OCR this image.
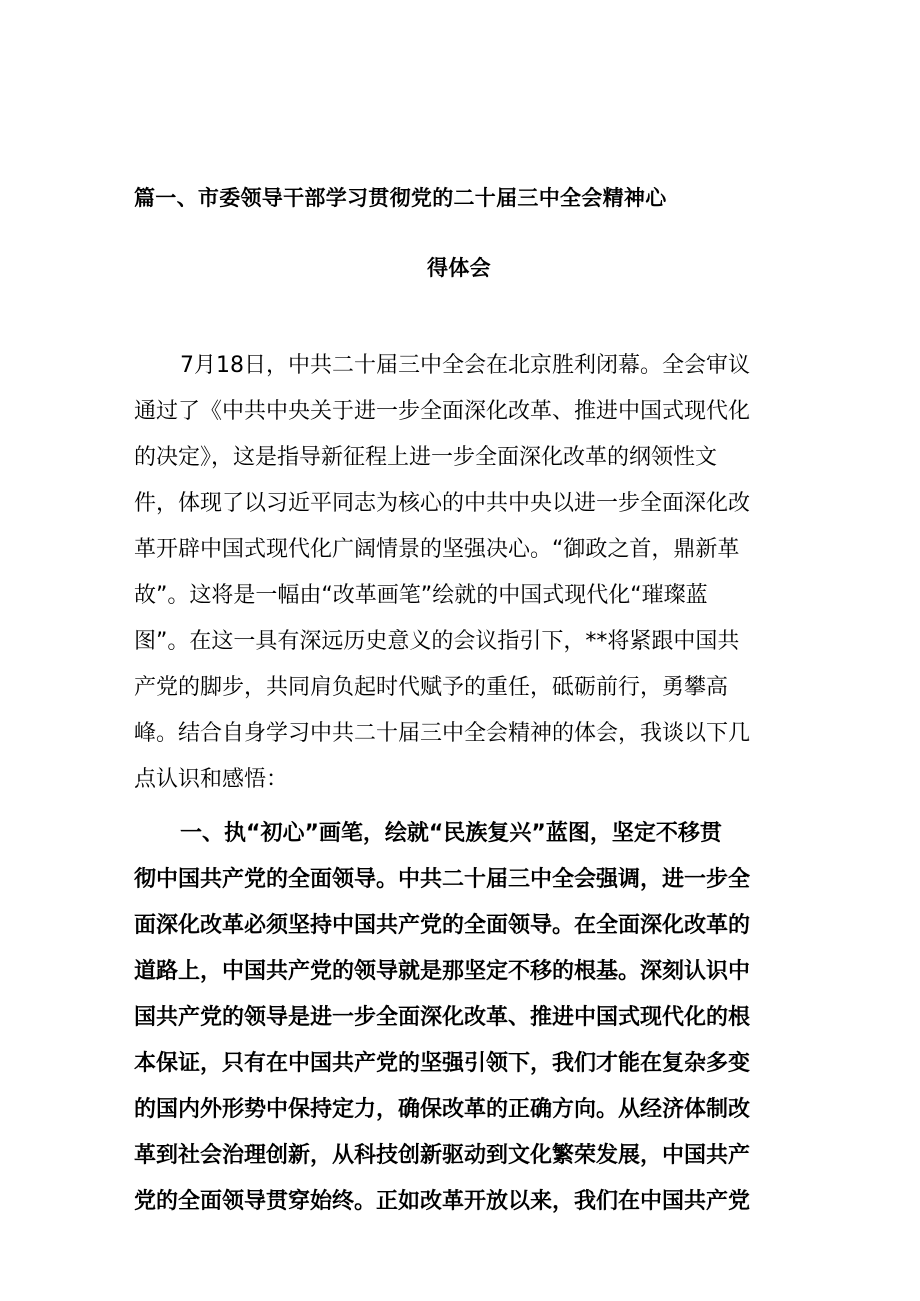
篇一、市委领导干部学习贯彻党的二十届三中全会精神心
得体会
7月18日，中共二十届三中全会在北京胜利闭幕。全会审议
通过了《中共中央关于进一步全面深化改革、推进中国式现代化
的决定》，这是指导新征程上进一步全面深化改革的纲领性文
件，体现了以习近平同志为核心的中共中央以进一步全面深化改
革开辟中国式现代化广阔情景的坚强决心。“御政之首，鼎新革
故”。这将是一幅由“改革画笔”绘就的中国式现代化“璀璨蓝
图”。在这一具有深远历史意义的会议指引下，**将紧跟中国共
产党的脚步，共同肩负起时代赋予的重任，砥砺前行，勇攀高
峰。结合自身学习中共二十届三中全会精神的体会，我谈以下几
点认识和感悟：
一、执“初心”画笔，绘就“民族复兴”蓝图，坚定不移贯
彻中国共产党的全面领导。中共二十届三中全会强调，进一步全
面深化改革必须坚持中国共产党的全面领导。在全面深化改革的
道路上，中国共产党的领导就是那坚定不移的根基。深刻认识中
国共产党的领导是进一步全面深化改革、推进中国式现代化的根
本保证，只有在中国共产党的坚强引领下，我们才能在复杂多变
的国内外形势中保持定力，确保改革的正确方向。从经济体制改
革到社会治理创新，从科技创新驱动到文化繁荣发展，中国共产
党的全面领导贯穿始终。正如改革开放以来，我们在中国共产党
